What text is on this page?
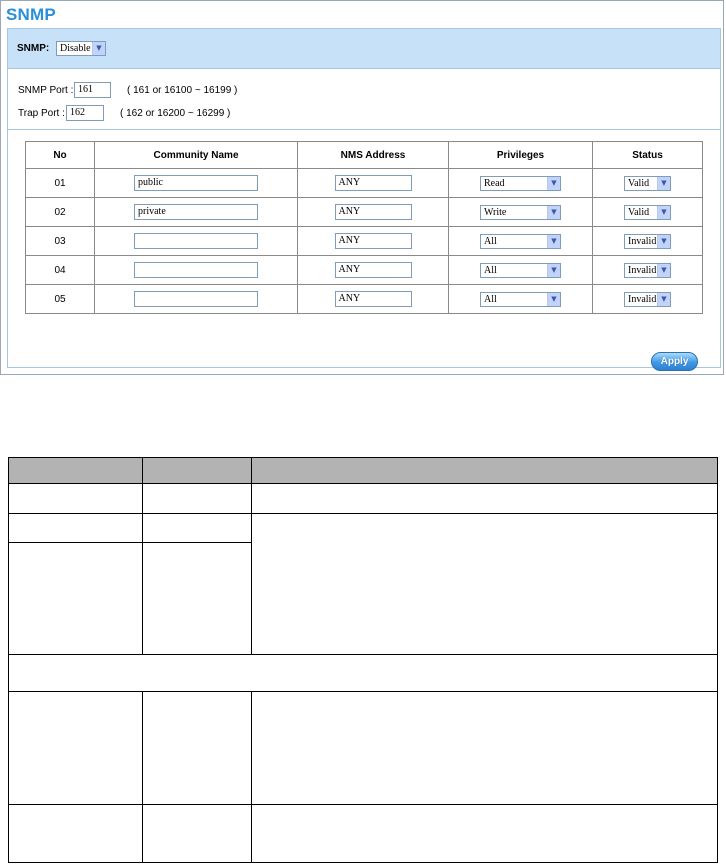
SNMP
SNMP:	Disable ▼
SNMP Port : 161	( 161 or 16100 ~ 16199 )
Trap Port : 162	( 162 or 16200 ~ 16299 )
No	Community Name	NMS Address	Privileges	Status
01	public	ANY	Read ▼	Valid ▼

02	private	ANY	Write ▼	Valid ▼

03		ANY	All ▼	Invalid ▼

04		ANY	All ▼	Invalid ▼

05		ANY	All ▼	Invalid ▼
Apply
